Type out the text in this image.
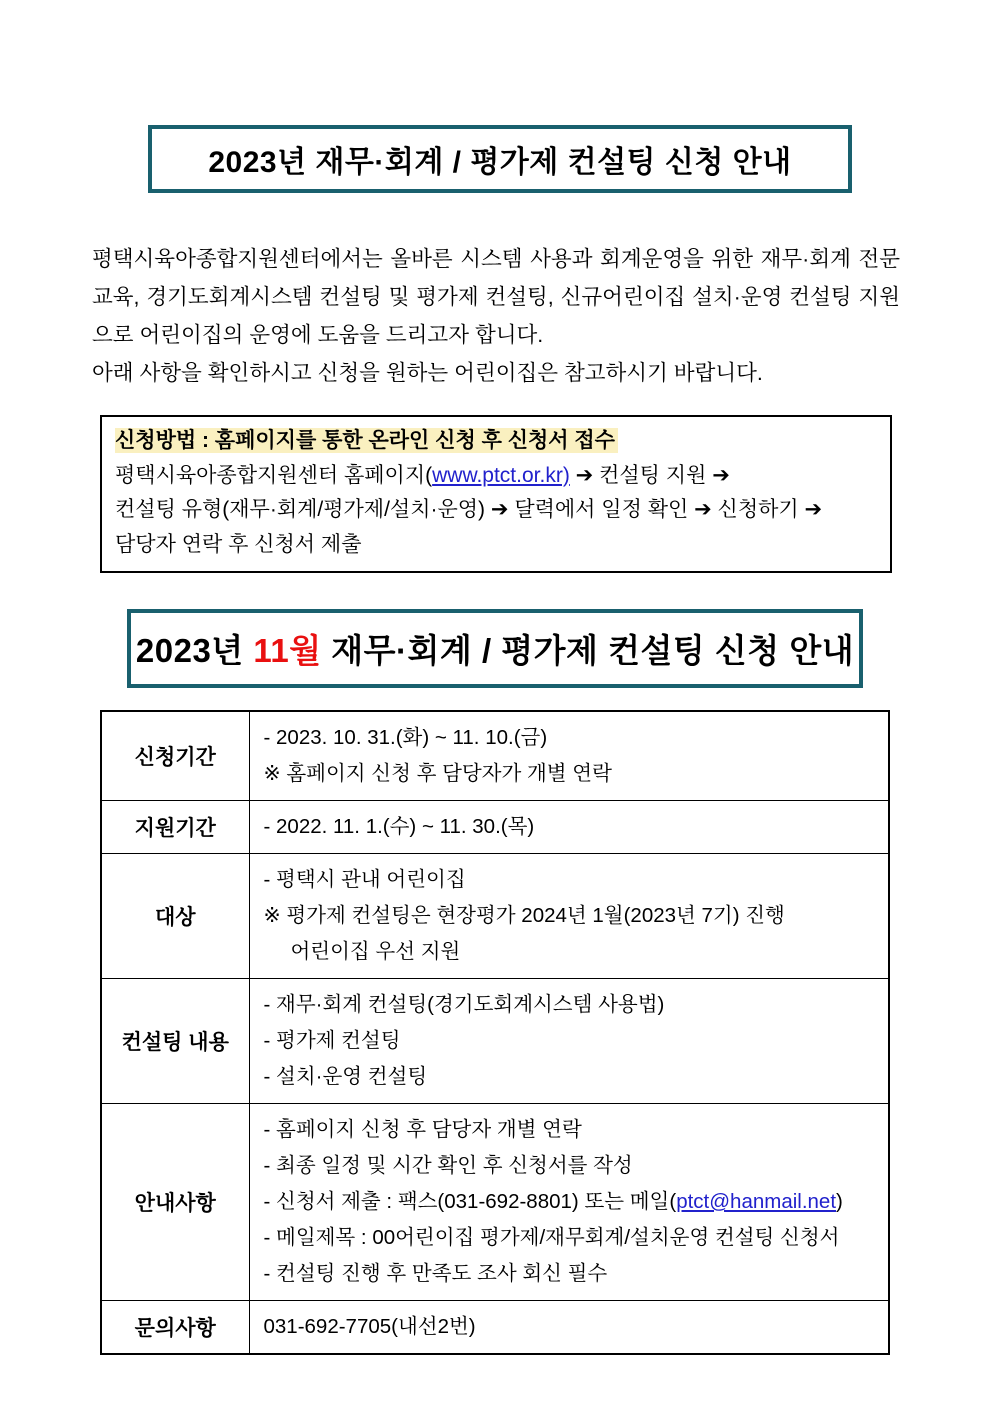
2023년 재무·회계 / 평가제 컨설팅 신청 안내
평택시육아종합지원센터에서는 올바른 시스템 사용과 회계운영을 위한 재무·회계 전문
교육, 경기도회계시스템 컨설팅 및 평가제 컨설팅, 신규어린이집 설치·운영 컨설팅 지원
으로 어린이집의 운영에 도움을 드리고자 합니다.
아래 사항을 확인하시고 신청을 원하는 어린이집은 참고하시기 바랍니다.
신청방법 : 홈페이지를 통한 온라인 신청 후 신청서 접수
평택시육아종합지원센터 홈페이지(www.ptct.or.kr) ➔ 컨설팅 지원 ➔
컨설팅 유형(재무·회계/평가제/설치·운영) ➔ 달력에서 일정 확인 ➔ 신청하기 ➔
담당자 연락 후 신청서 제출
2023년 11월 재무·회계 / 평가제 컨설팅 신청 안내
신청기간	- 2023. 10. 31.(화) ~ 11. 10.(금)
※ 홈페이지 신청 후 담당자가 개별 연락

지원기간	- 2022. 11. 1.(수) ~ 11. 30.(목)

대상	- 평택시 관내 어린이집
※ 평가제 컨설팅은 현장평가 2024년 1월(2023년 7기) 진행
어린이집 우선 지원

컨설팅 내용	- 재무·회계 컨설팅(경기도회계시스템 사용법)
- 평가제 컨설팅
- 설치·운영 컨설팅

안내사항	- 홈페이지 신청 후 담당자 개별 연락
- 최종 일정 및 시간 확인 후 신청서를 작성
- 신청서 제출 : 팩스(031-692-8801) 또는 메일(ptct@hanmail.net)
- 메일제목 : 00어린이집 평가제/재무회계/설치운영 컨설팅 신청서
- 컨설팅 진행 후 만족도 조사 회신 필수

문의사항	031-692-7705(내선2번)
